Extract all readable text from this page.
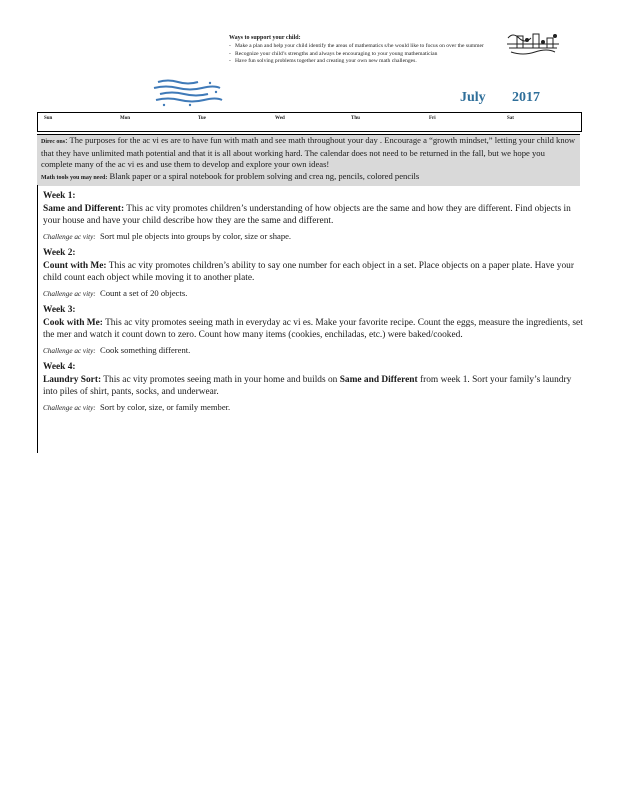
Ways to support your child:
- Make a plan and help your child identify the areas of mathematics s/he would like to focus on over the summer
- Recognize your child’s strengths and always be encouraging to your young mathematician
- Have fun solving problems together and creating your own new math challenges.
July 2017
Sun	Mon	Tue	Wed	Thu	Fri	Sat

Direc ons: The purposes for the ac vi es are to have fun with math and see math throughout your day . Encourage a “growth mindset,” letting your child know that they have unlimited math potential and that it is all about working hard. The calendar does not need to be returned in the fall, but we hope you complete many of the ac vi es and use them to develop and explore your own ideas!

Math tools you may need: Blank paper or a spiral notebook for problem solving and crea ng, pencils, colored pencils

Week 1:
Same and Different: This ac vity promotes children’s understanding of how objects are the same and how they are different. Find objects in your house and have your child describe how they are the same and different.
Challenge ac vity: Sort mul ple objects into groups by color, size or shape.
Week 2:
Count with Me: This ac vity promotes children’s ability to say one number for each object in a set. Place objects on a paper plate. Have your child count each object while moving it to another plate.
Challenge ac vity: Count a set of 20 objects.
Week 3:
Cook with Me: This ac vity promotes seeing math in everyday ac vi es. Make your favorite recipe. Count the eggs, measure the ingredients, set the mer and watch it count down to zero. Count how many items (cookies, enchiladas, etc.) were baked/cooked.
Challenge ac vity: Cook something different.
Week 4:
Laundry Sort: This ac vity promotes seeing math in your home and builds on Same and Different from week 1. Sort your family’s laundry into piles of shirt, pants, socks, and underwear.
Challenge ac vity: Sort by color, size, or family member.
